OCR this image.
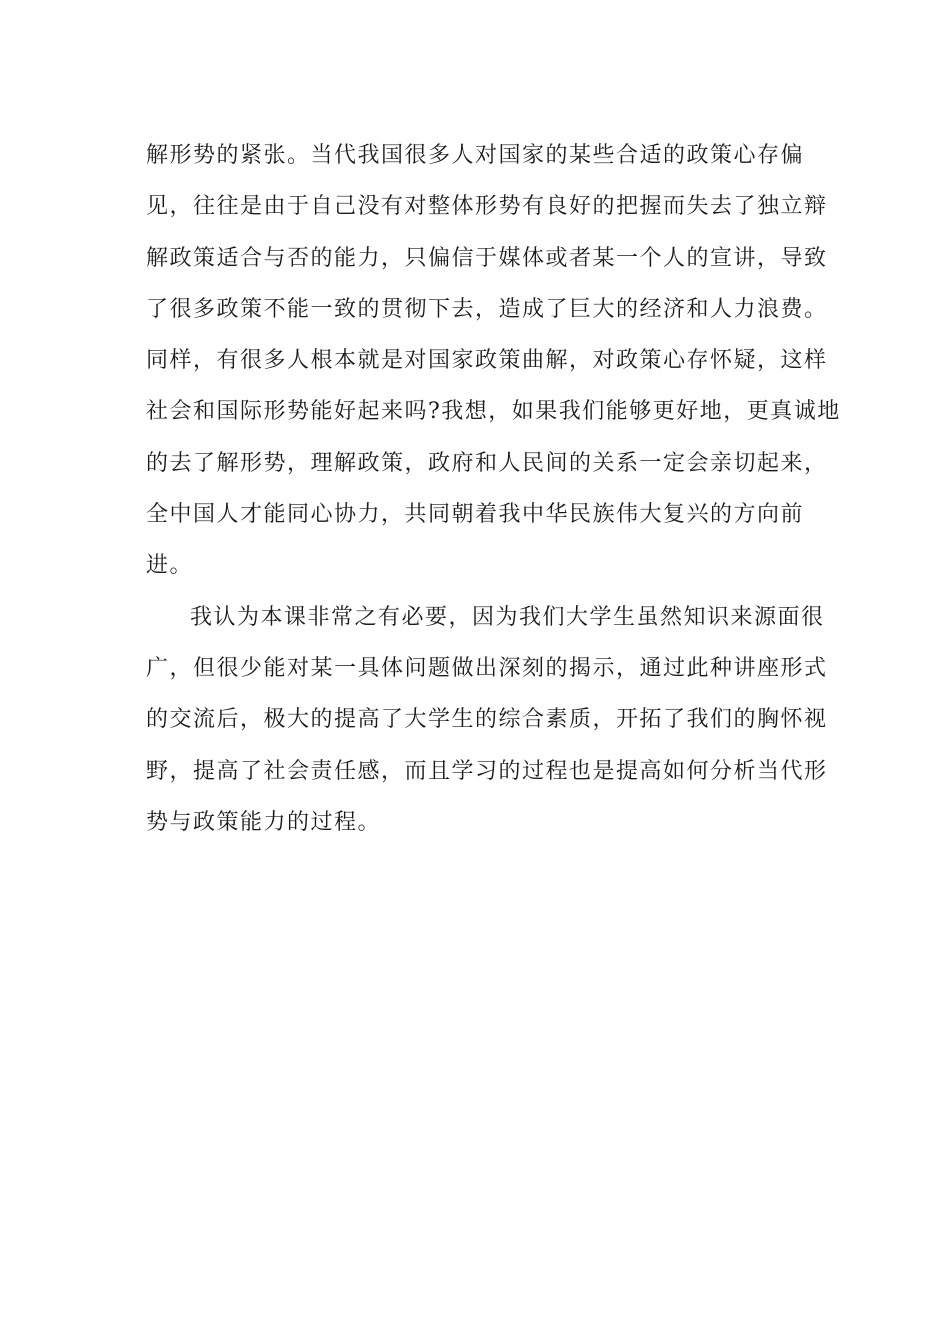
解形势的紧张。当代我国很多人对国家的某些合适的政策心存偏

见，往往是由于自己没有对整体形势有良好的把握而失去了独立辩

解政策适合与否的能力，只偏信于媒体或者某一个人的宣讲，导致

了很多政策不能一致的贯彻下去，造成了巨大的经济和人力浪费。

同样，有很多人根本就是对国家政策曲解，对政策心存怀疑，这样

社会和国际形势能好起来吗?我想，如果我们能够更好地，更真诚地

的去了解形势，理解政策，政府和人民间的关系一定会亲切起来，

全中国人才能同心协力，共同朝着我中华民族伟大复兴的方向前

进。

我认为本课非常之有必要，因为我们大学生虽然知识来源面很

广，但很少能对某一具体问题做出深刻的揭示，通过此种讲座形式

的交流后，极大的提高了大学生的综合素质，开拓了我们的胸怀视

野，提高了社会责任感，而且学习的过程也是提高如何分析当代形

势与政策能力的过程。
